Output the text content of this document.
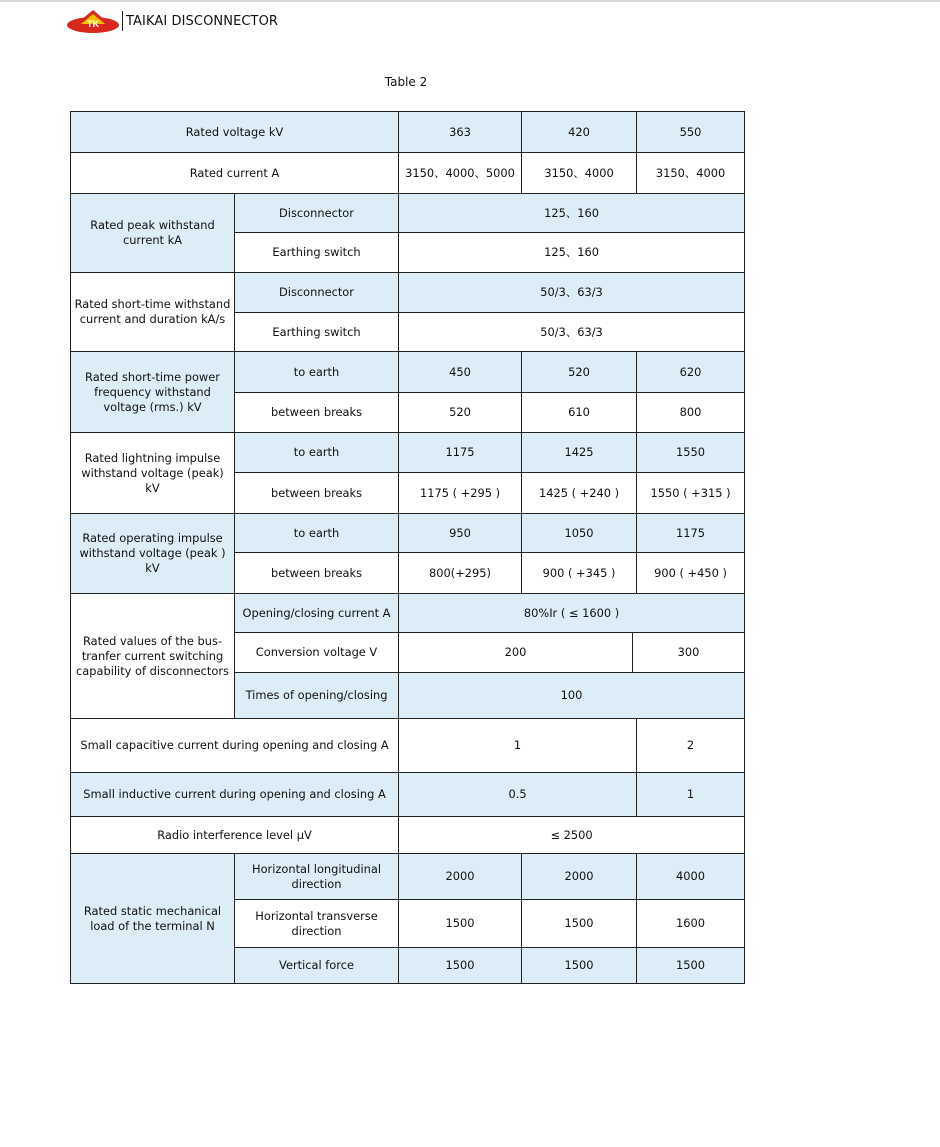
TK TAIKAI DISCONNECTOR
Table 2
Rated voltage kV		363	420		550
Rated current A		3150、4000、5000	3150、4000		3150、4000
Rated peak withstand current kA	Disconnector	125、160			
	Earthing switch	125、160			
Rated short-time withstand current and duration kA/s	Disconnector	50/3、63/3			
	Earthing switch	50/3、63/3			
Rated short-time power frequency withstand voltage (rms.) kV	to earth	450	520		620
	between breaks	520	610		800
Rated lightning impulse withstand voltage (peak) kV	to earth	1175	1425		1550
	between breaks	1175 ( +295 )	1425 ( +240 )		1550 ( +315 )
Rated operating impulse withstand voltage (peak ) kV	to earth	950	1050		1175
	between breaks	800(+295)	900 ( +345 )		900 ( +450 )
Rated values of the bus-tranfer current switching capability of disconnectors	Opening/closing current A	80%Ir ( ≤ 1600 )			
	Conversion voltage V	200		300	
	Times of opening/closing	100			
Small capacitive current during opening and closing A		1			2
Small inductive current during opening and closing A		0.5			1
Radio interference level μV		≤ 2500			
Rated static mechanical load of the terminal N	Horizontal longitudinal direction	2000	2000		4000
	Horizontal transverse direction	1500	1500		1600
	Vertical force	1500	1500		1500
